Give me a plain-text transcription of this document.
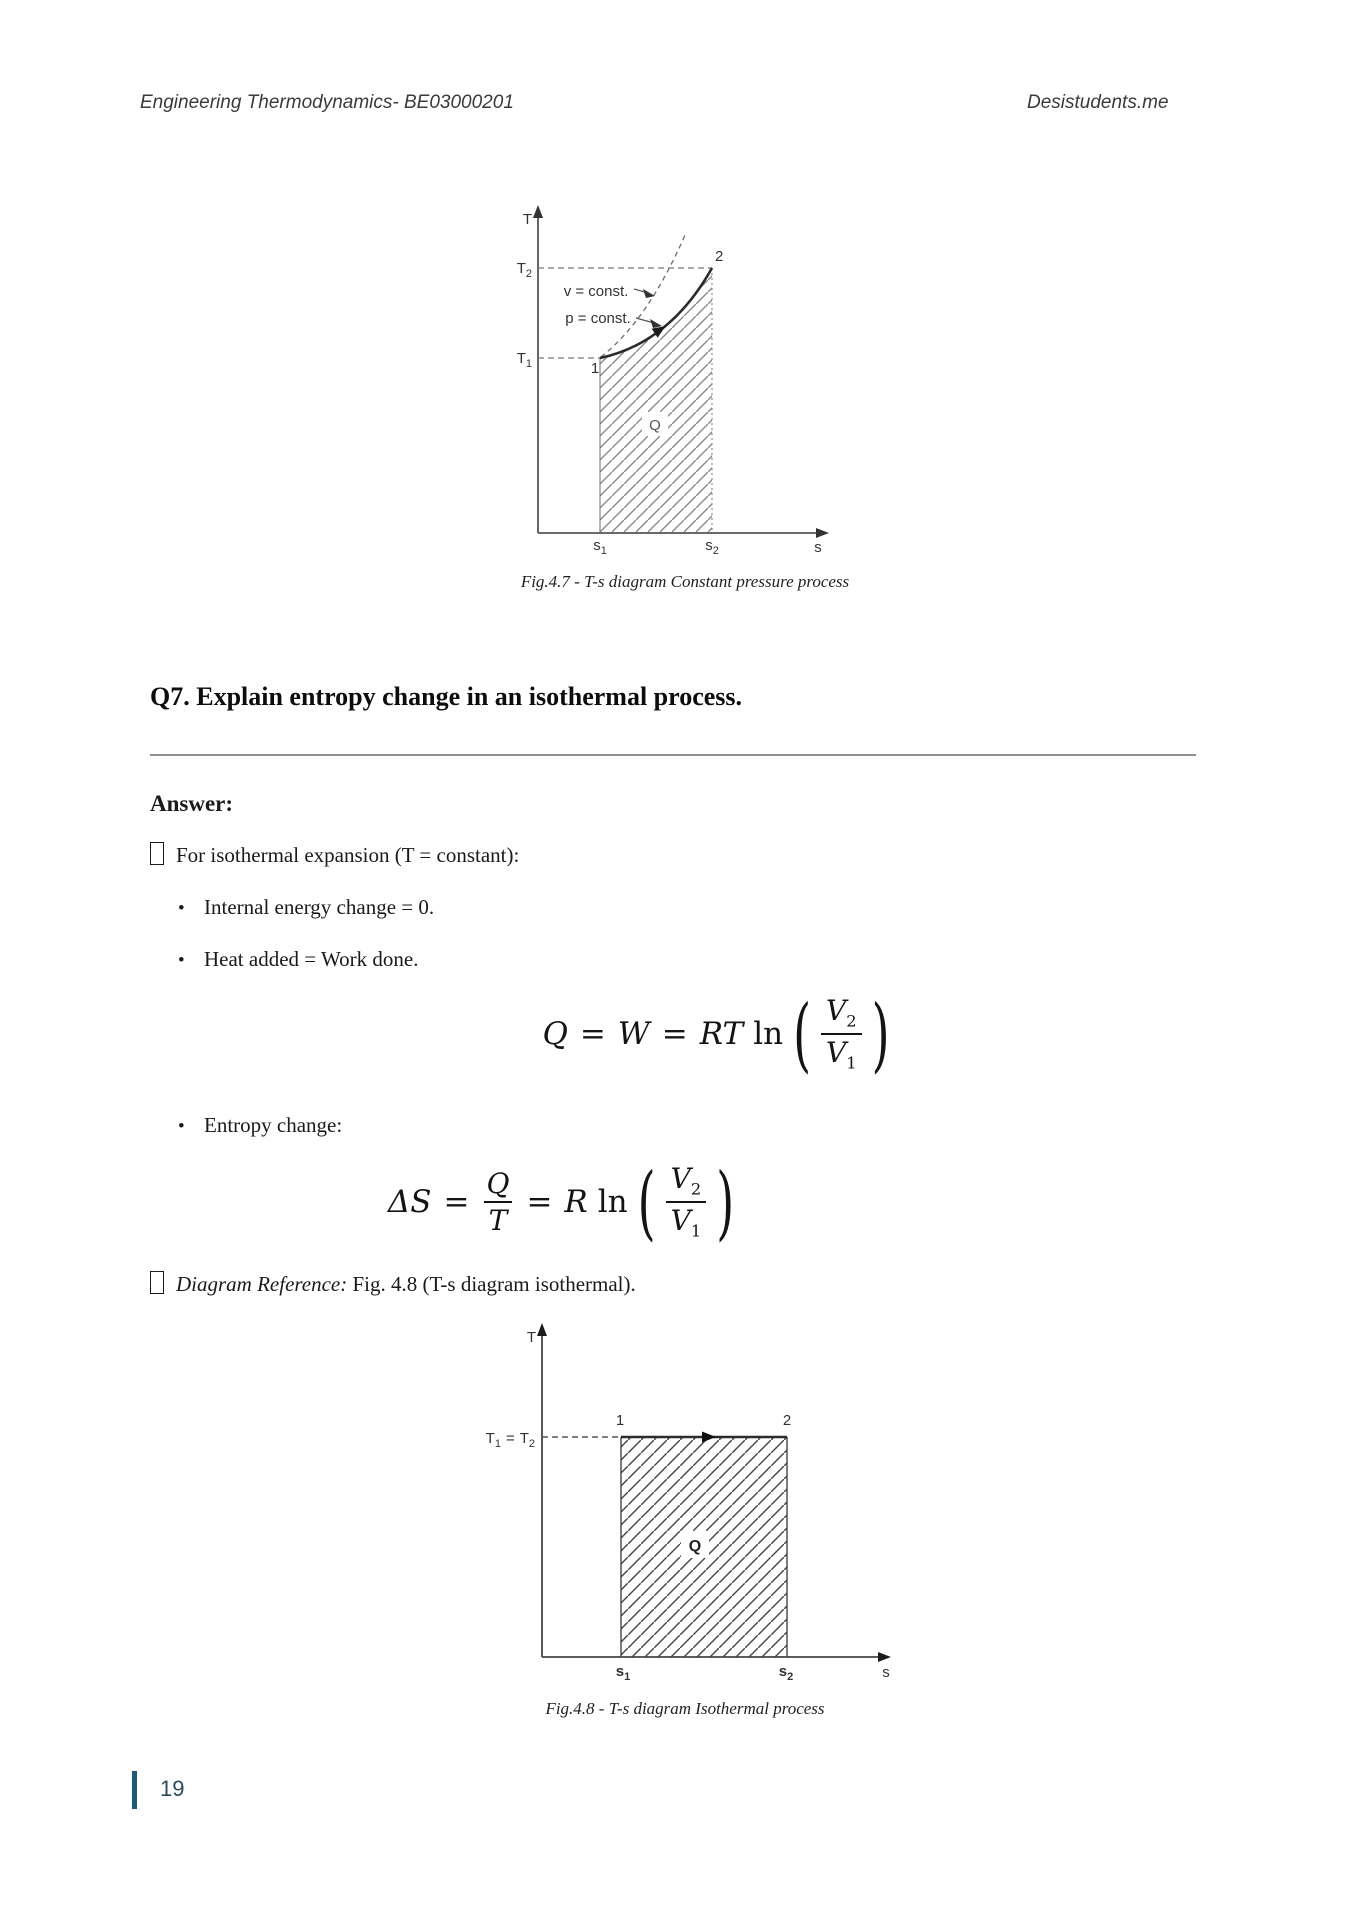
Engineering Thermodynamics- BE03000201	Desistudents.me
T
s
$T_2$
$T_1$
v = const.
p = const.
1
2
Q
$s_1$	$s_2$
Fig.4.7 - T-s diagram Constant pressure process
Q7. Explain entropy change in an isothermal process.
Answer:
For isothermal expansion (T = constant):
• Internal energy change = 0.
• Heat added = Work done.
Q = W = RT ln ( $\frac{V_2}{V_1}$ )
• Entropy change:
$\Delta S = \frac{Q}{T} = R$ ln ( $\frac{V_2}{V_1}$ )
Diagram Reference: Fig. 4.8 (T-s diagram isothermal).
T
s
$T_1 = T_2$
1	2
Q
$s_1$	$s_2$
Fig.4.8 - T-s diagram Isothermal process
19
